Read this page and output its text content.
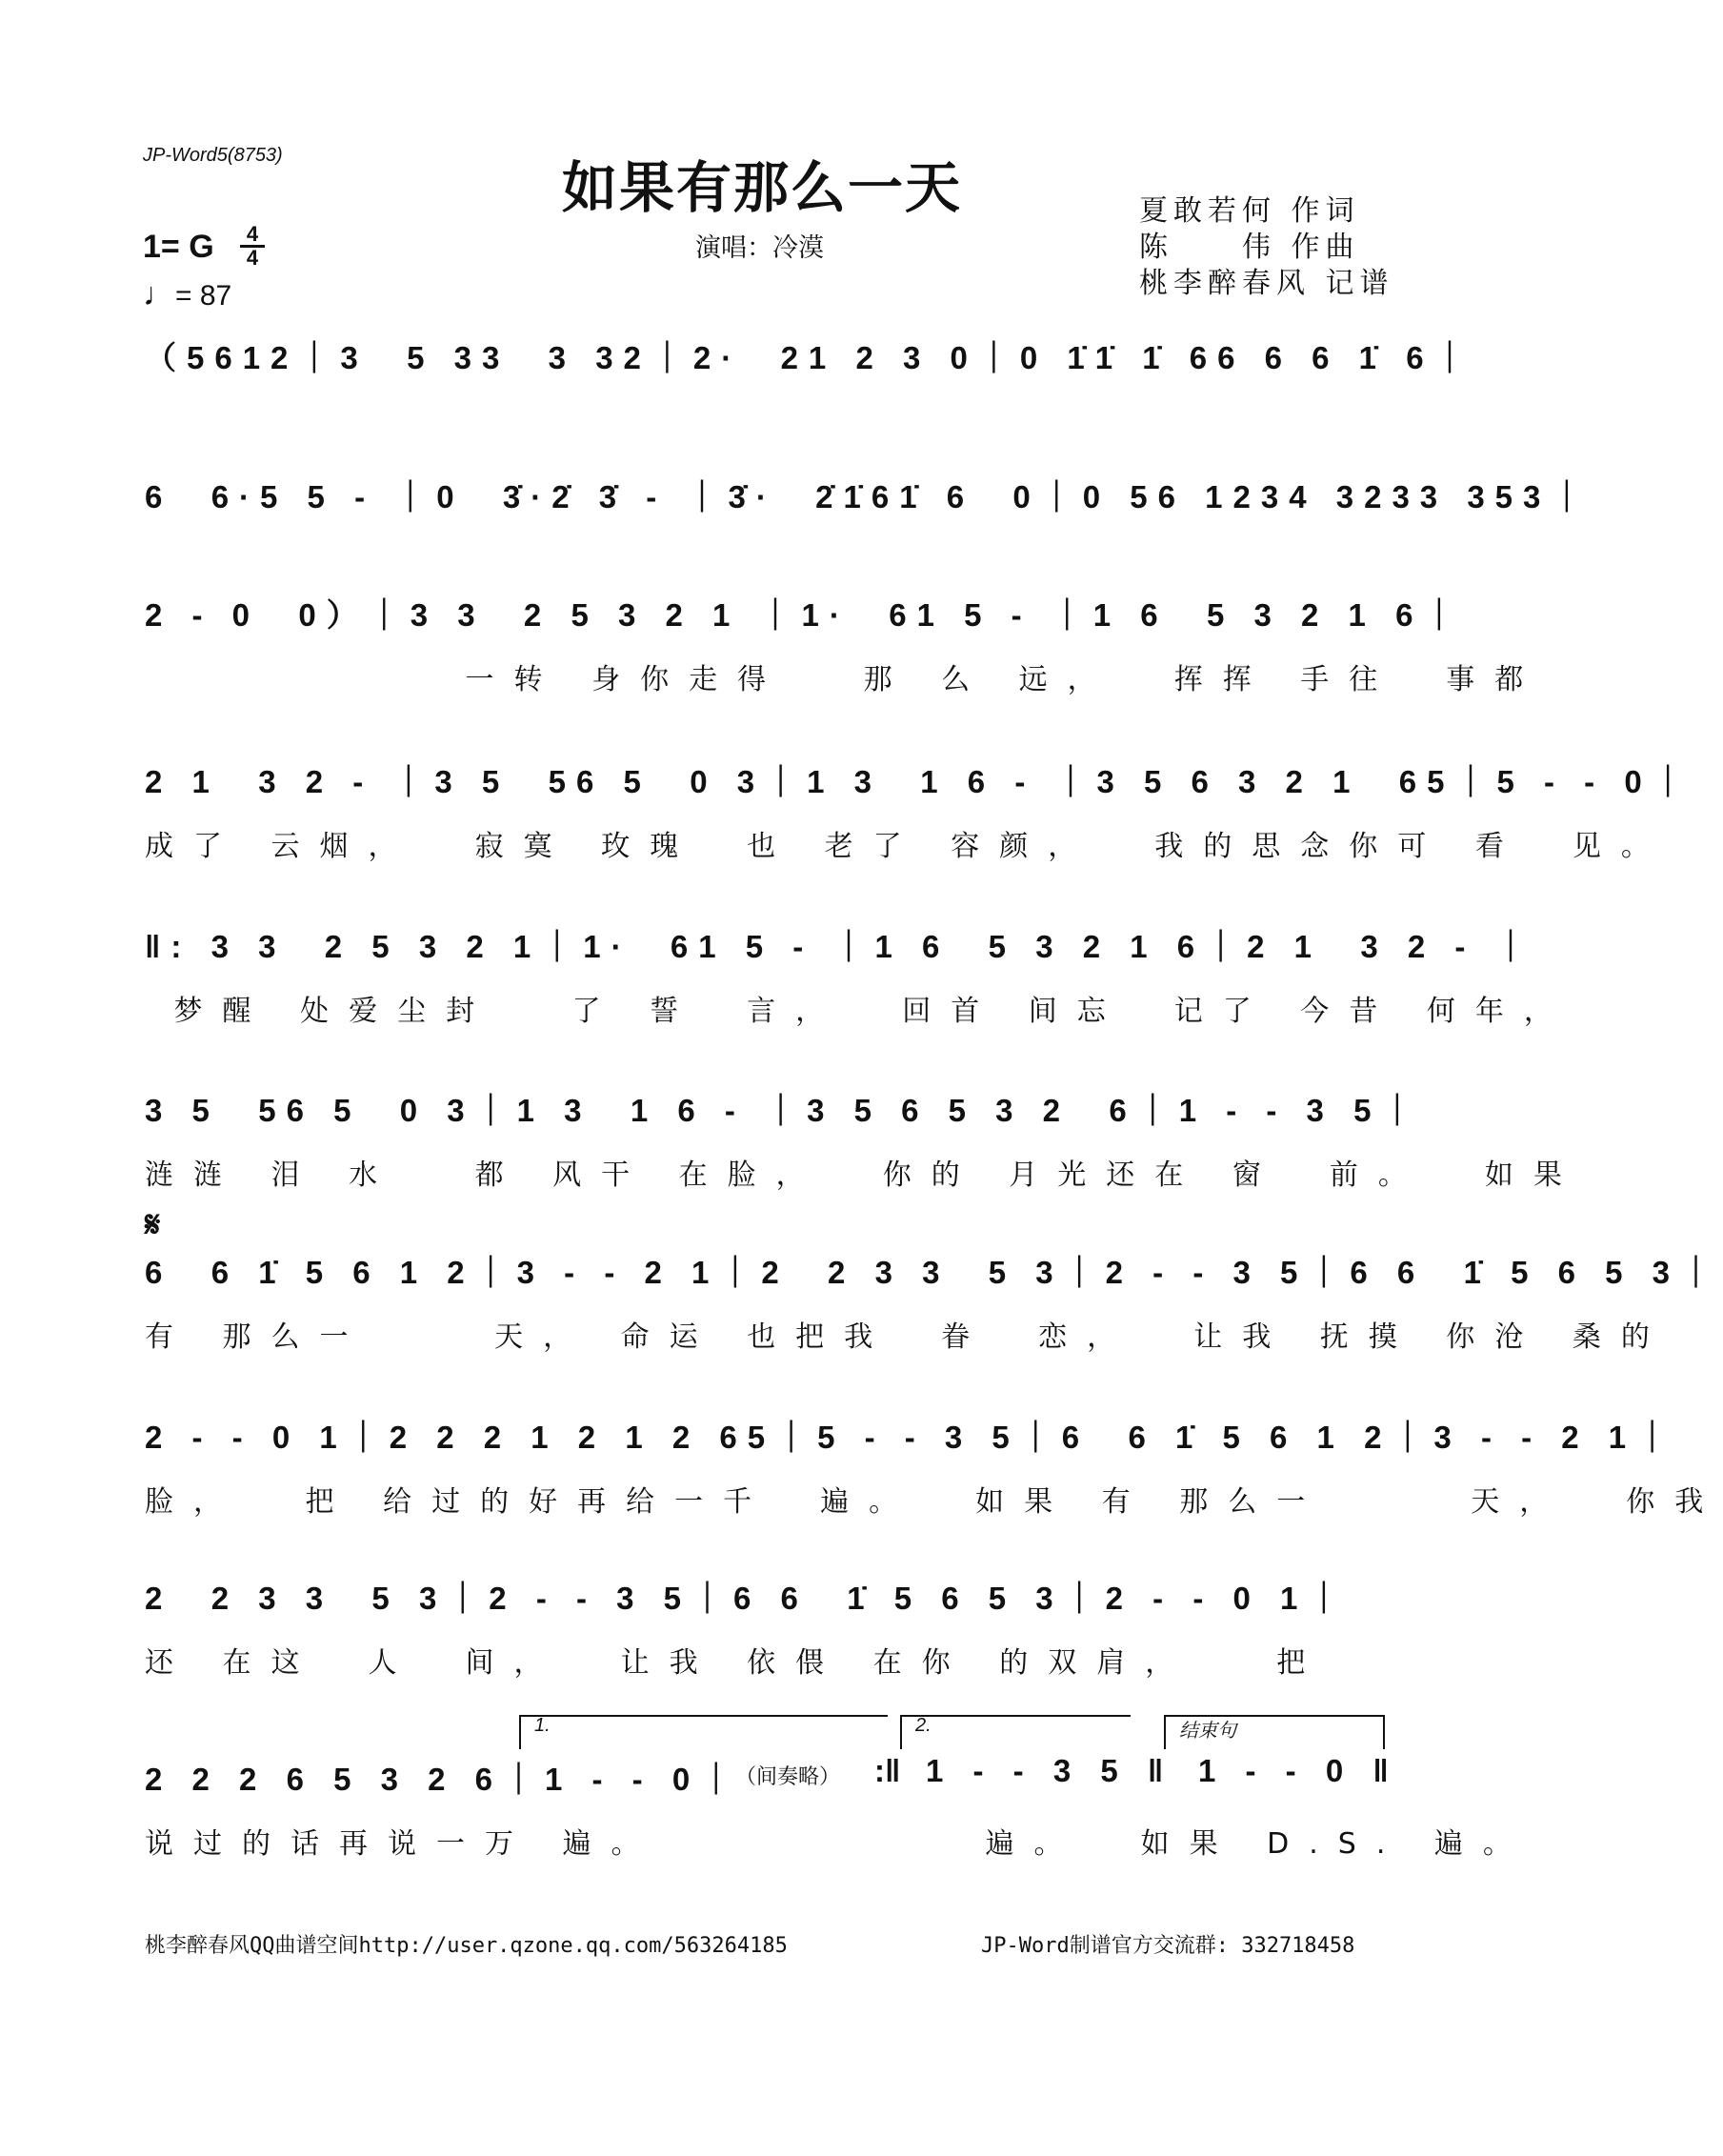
JP-Word5(8753)	如果有那么一天
演唱：冷漠
夏敢若何 作词
陈　　伟 作曲
桃李醉春风 记谱
1= G	4
4
♩= 87
（5612｜3  5 33  3 32｜2·  21 2 3 0｜0 1̇1̇ 1̇ 66 6 6 1̇ 6｜
6  6·5 5 - ｜0  3̇·2̇ 3̇ - ｜3̇·  2̇1̇61̇ 6  0｜0 56 1234 3233 353｜
2 - 0  0）｜3 3  2 5 3 2 1 ｜1·  61 5 - ｜1 6  5 3 2 1 6｜
　　　　　　 一转 身你走得　 那 么 远，  挥挥 手往　事都
2 1  3 2 - ｜3 5  56 5  0 3｜1 3  1 6 - ｜3 5 6 3 2 1  65｜5 - - 0｜
成了 云烟，  寂寞 玫瑰　也 老了 容颜，  我的思念你可 看　见。
‖: 3 3  2 5 3 2 1｜1·  61 5 - ｜1 6  5 3 2 1 6｜2 1  3 2 - ｜
梦醒 处爱尘封　 了 誓　言，  回首 间忘　记了 今昔 何年，
3 5  56 5  0 3｜1 3  1 6 - ｜3 5 6 5 3 2  6｜1 - - 3 5｜
涟涟 泪 水　 都 风干 在脸，  你的 月光还在 窗　前。  如果
𝄋
6  6 1̇ 5 6 1 2｜3 - - 2 1｜2  2 3 3  5 3｜2 - - 3 5｜6 6  1̇ 5 6 5 3｜
有 那么一　　 天， 命运 也把我　眷　恋，  让我 抚摸 你沧 桑的
2 - - 0 1｜2 2 2 1 2 1 2 65｜5 - - 3 5｜6  6 1̇ 5 6 1 2｜3 - - 2 1｜
脸，　 把 给过的好再给一千　遍。  如果 有 那么一　　　天，  你我
2  2 3 3  5 3｜2 - - 3 5｜6 6  1̇ 5 6 5 3｜2 - - 0 1｜
还 在这　人　间，  让我 依偎 在你 的双肩，　　把
1.	2.	结束句
2 2 2 6 5 3 2 6｜1 - - 0｜
说过的话再说一万 遍。　　　　　　　遍。  如果 D.S. 遍。
（间奏略） :‖ 1 - - 3 5 ‖ 1 - - 0 ‖
桃李醉春风QQ曲谱空间http://user.qzone.qq.com/563264185	JP-Word制谱官方交流群: 332718458
